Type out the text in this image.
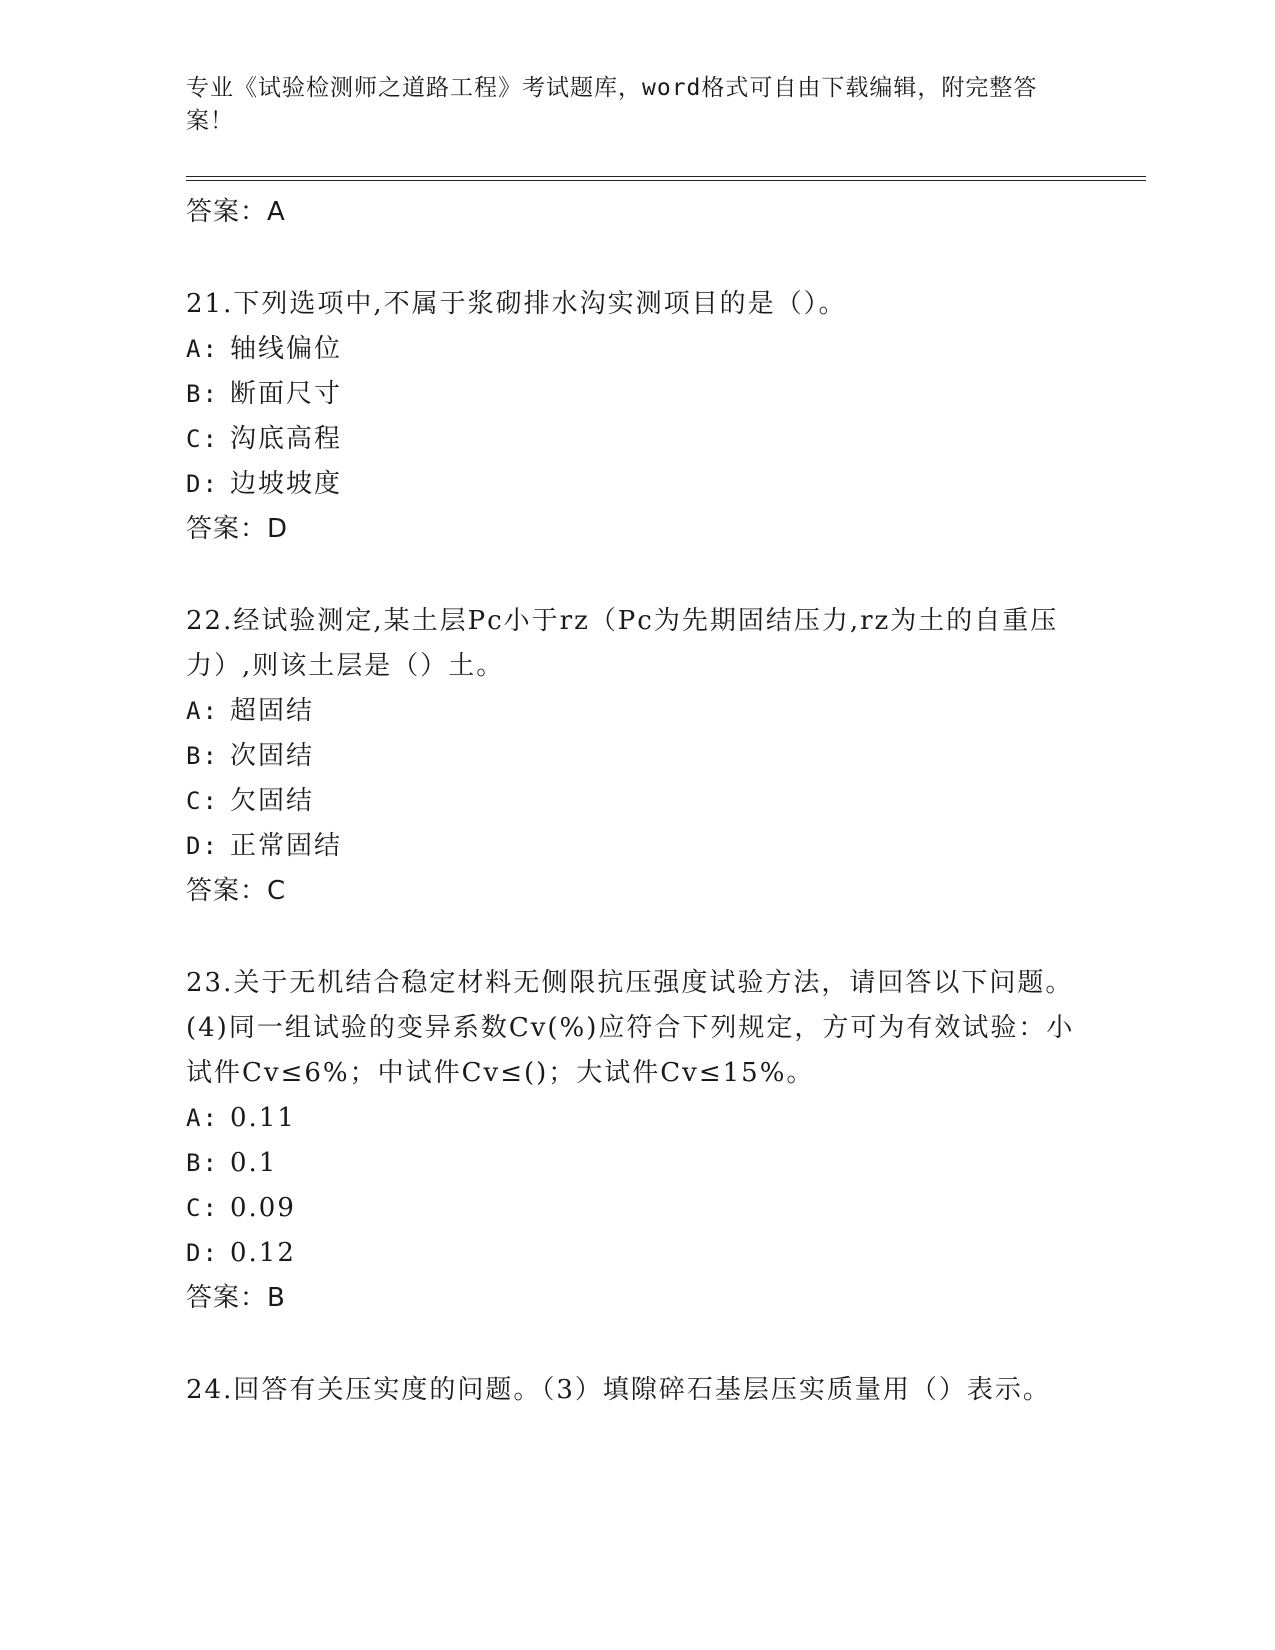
专业《试验检测师之道路工程》考试题库，word格式可自由下载编辑，附完整答案！
答案：A

21.下列选项中,不属于浆砌排水沟实测项目的是（）。

A: 轴线偏位
B: 断面尺寸
C: 沟底高程
D: 边坡坡度
答案：D

22.经试验测定,某土层Pc小于rz（Pc为先期固结压力,rz为土的自重压力）,则该土层是（）土。

A: 超固结
B: 次固结
C: 欠固结
D: 正常固结
答案：C

23.关于无机结合稳定材料无侧限抗压强度试验方法，请回答以下问题。(4)同一组试验的变异系数Cv(%)应符合下列规定，方可为有效试验：小试件Cv≤6%；中试件Cv≤()；大试件Cv≤15%。

A: 0.11
B: 0.1
C: 0.09
D: 0.12
答案：B

24.回答有关压实度的问题。（3）填隙碎石基层压实质量用（）表示。
